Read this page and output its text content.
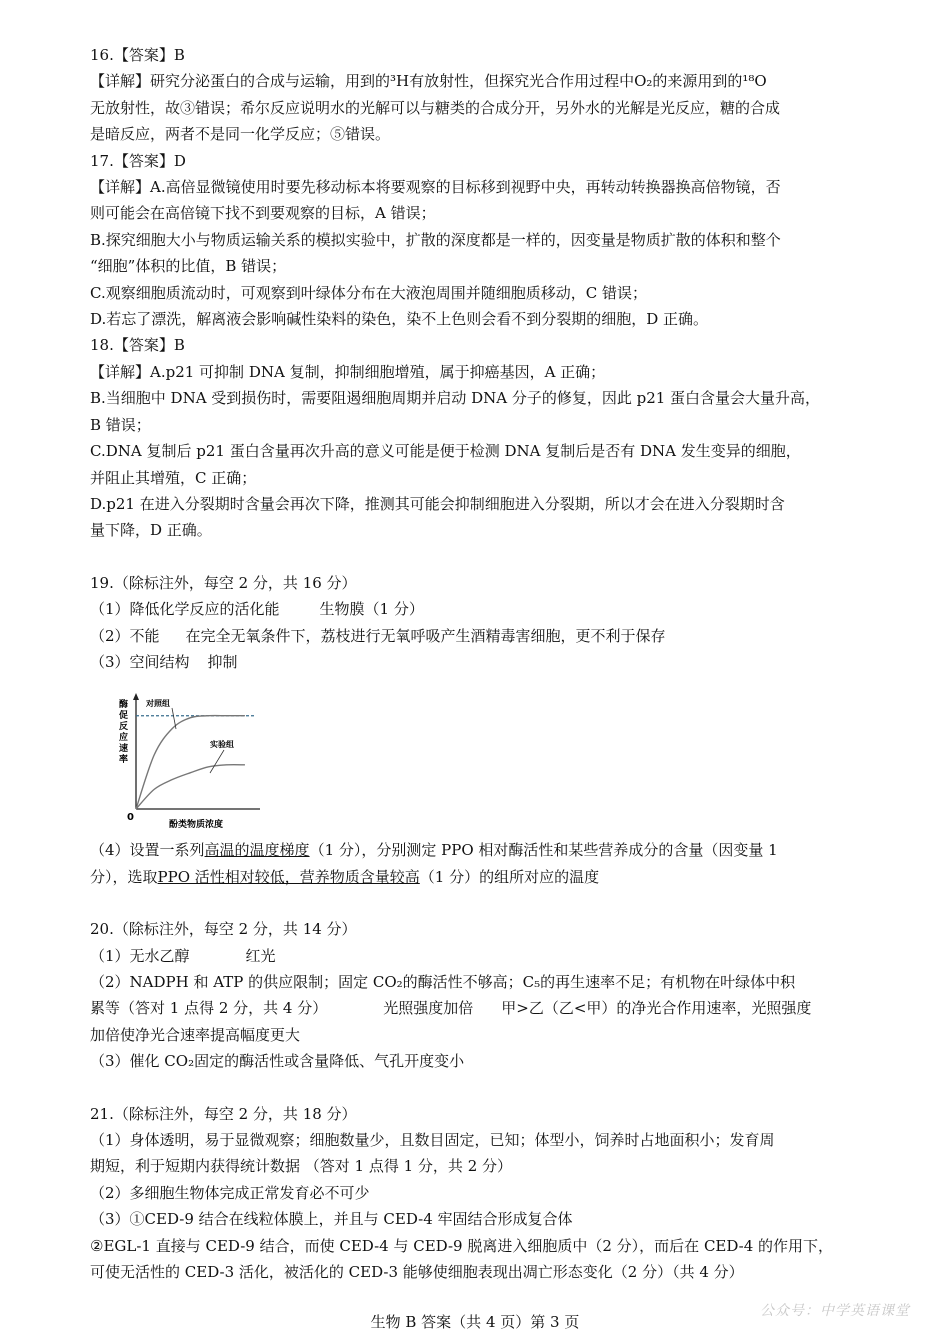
16.【答案】B
【详解】研究分泌蛋白的合成与运输，用到的³H有放射性，但探究光合作用过程中O₂的来源用到的¹⁸O
无放射性，故③错误；希尔反应说明水的光解可以与糖类的合成分开，另外水的光解是光反应，糖的合成
是暗反应，两者不是同一化学反应；⑤错误。
17.【答案】D
【详解】A.高倍显微镜使用时要先移动标本将要观察的目标移到视野中央，再转动转换器换高倍物镜，否
则可能会在高倍镜下找不到要观察的目标，A 错误；
B.探究细胞大小与物质运输关系的模拟实验中，扩散的深度都是一样的，因变量是物质扩散的体积和整个
“细胞”体积的比值，B 错误；
C.观察细胞质流动时，可观察到叶绿体分布在大液泡周围并随细胞质移动，C 错误；
D.若忘了漂洗，解离液会影响碱性染料的染色，染不上色则会看不到分裂期的细胞，D 正确。
18.【答案】B
【详解】A.p21 可抑制 DNA 复制，抑制细胞增殖，属于抑癌基因，A 正确；
B.当细胞中 DNA 受到损伤时，需要阻遏细胞周期并启动 DNA 分子的修复，因此 p21 蛋白含量会大量升高，
B 错误；
C.DNA 复制后 p21 蛋白含量再次升高的意义可能是便于检测 DNA 复制后是否有 DNA 发生变异的细胞，
并阻止其增殖，C 正确；
D.p21 在进入分裂期时含量会再次下降，推测其可能会抑制细胞进入分裂期，所以才会在进入分裂期时含
量下降，D 正确。
19.（除标注外，每空 2 分，共 16 分）
（1）降低化学反应的活化能	生物膜（1 分）
（2）不能 在完全无氧条件下，荔枝进行无氧呼吸产生酒精毒害细胞，更不利于保存
（3）空间结构 抑制
（4）设置一系列高温的温度梯度（1 分），分别测定 PPO 相对酶活性和某些营养成分的含量（因变量 1
分），选取PPO 活性相对较低，营养物质含量较高（1 分）的组所对应的温度
20.（除标注外，每空 2 分，共 14 分）
（1）无水乙醇	红光
（2）NADPH 和 ATP 的供应限制；固定 CO₂的酶活性不够高；C₅的再生速率不足；有机物在叶绿体中积
累等（答对 1 点得 2 分，共 4 分）	光照强度加倍 甲>乙（乙<甲）的净光合作用速率，光照强度
加倍使净光合速率提高幅度更大
（3）催化 CO₂固定的酶活性或含量降低、气孔开度变小
21.（除标注外，每空 2 分，共 18 分）
（1）身体透明，易于显微观察；细胞数量少，且数目固定，已知；体型小，饲养时占地面积小；发育周
期短，利于短期内获得统计数据 （答对 1 点得 1 分，共 2 分）
（2）多细胞生物体完成正常发育必不可少
（3）①CED-9 结合在线粒体膜上，并且与 CED-4 牢固结合形成复合体
②EGL-1 直接与 CED-9 结合，而使 CED-4 与 CED-9 脱离进入细胞质中（2 分），而后在 CED-4 的作用下，
可使无活性的 CED-3 活化，被活化的 CED-3 能够使细胞表现出凋亡形态变化（2 分）（共 4 分）
0
酚类物质浓度
酶促反应速率
对照组
实验组
生物 B 答案（共 4 页）第 3 页
公众号：中学英语课堂
